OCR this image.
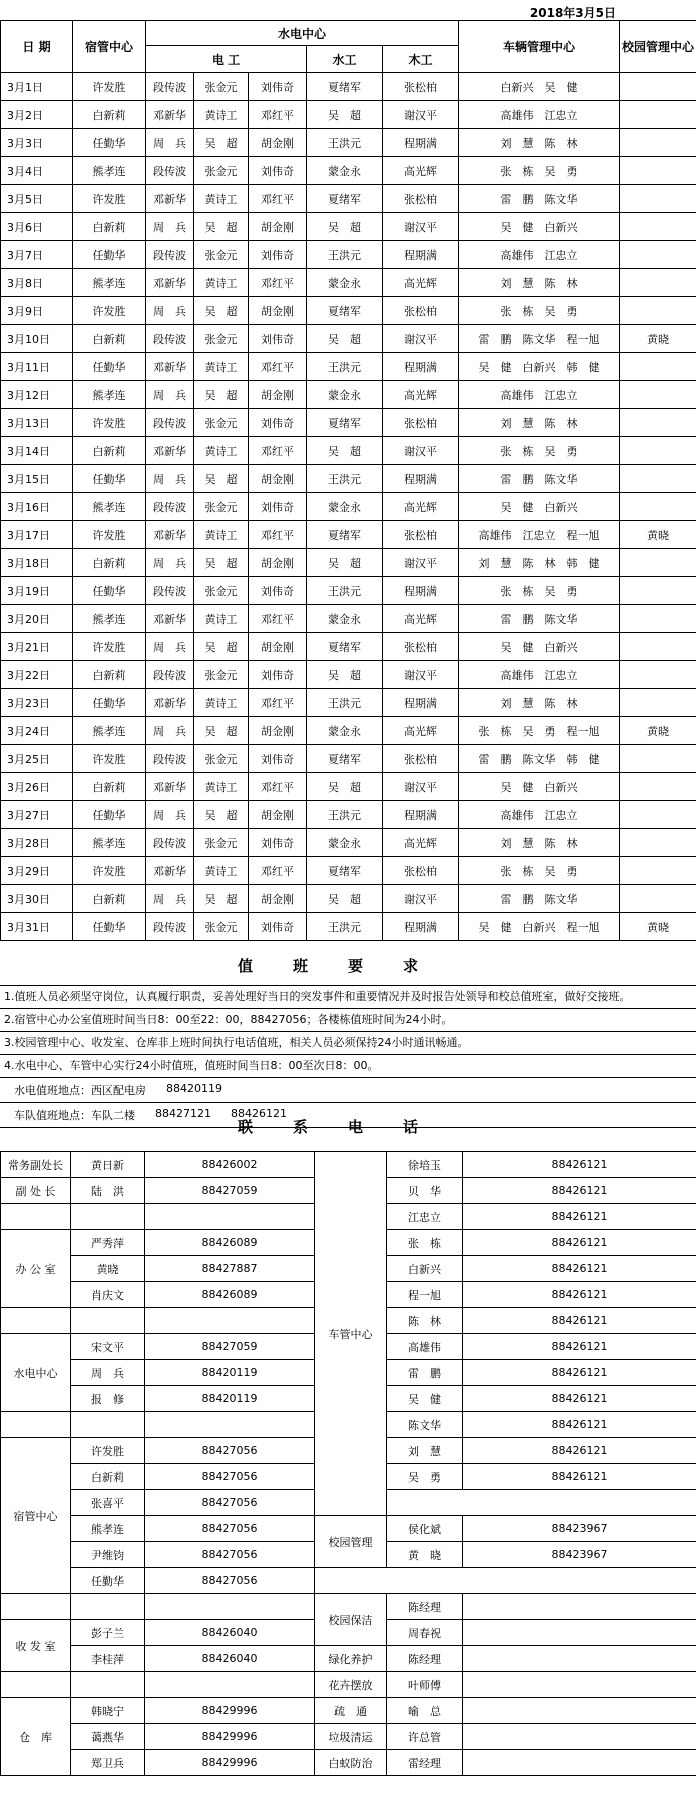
2018年3月5日
日 期	宿管中心	水电中心					车辆管理中心	校园管理中心
		电 工			水工	木工		
3月1日	许发胜	段传波	张金元	刘伟奇	夏绪军	张松柏	白新兴　吴　健	
3月2日	白新莉	邓新华	黄诗工	邓红平	吴　超	谢汉平	高雄伟　江忠立	
3月3日	任勤华	周　兵	吴　超	胡金刚	王洪元	程期满	刘　慧　陈　林	
3月4日	熊孝连	段传波	张金元	刘伟奇	蒙金永	高光辉	张　栋　吴　勇	
3月5日	许发胜	邓新华	黄诗工	邓红平	夏绪军	张松柏	雷　鹏　陈文华	
3月6日	白新莉	周　兵	吴　超	胡金刚	吴　超	谢汉平	吴　健　白新兴	
3月7日	任勤华	段传波	张金元	刘伟奇	王洪元	程期满	高雄伟　江忠立	
3月8日	熊孝连	邓新华	黄诗工	邓红平	蒙金永	高光辉	刘　慧　陈　林	
3月9日	许发胜	周　兵	吴　超	胡金刚	夏绪军	张松柏	张　栋　吴　勇	
3月10日	白新莉	段传波	张金元	刘伟奇	吴　超	谢汉平	雷　鹏　陈文华　程一旭	黄晓
3月11日	任勤华	邓新华	黄诗工	邓红平	王洪元	程期满	吴　健　白新兴　韩　健	
3月12日	熊孝连	周　兵	吴　超	胡金刚	蒙金永	高光辉	高雄伟　江忠立	
3月13日	许发胜	段传波	张金元	刘伟奇	夏绪军	张松柏	刘　慧　陈　林	
3月14日	白新莉	邓新华	黄诗工	邓红平	吴　超	谢汉平	张　栋　吴　勇	
3月15日	任勤华	周　兵	吴　超	胡金刚	王洪元	程期满	雷　鹏　陈文华	
3月16日	熊孝连	段传波	张金元	刘伟奇	蒙金永	高光辉	吴　健　白新兴	
3月17日	许发胜	邓新华	黄诗工	邓红平	夏绪军	张松柏	高雄伟　江忠立　程一旭	黄晓
3月18日	白新莉	周　兵	吴　超	胡金刚	吴　超	谢汉平	刘　慧　陈　林　韩　健	
3月19日	任勤华	段传波	张金元	刘伟奇	王洪元	程期满	张　栋　吴　勇	
3月20日	熊孝连	邓新华	黄诗工	邓红平	蒙金永	高光辉	雷　鹏　陈文华	
3月21日	许发胜	周　兵	吴　超	胡金刚	夏绪军	张松柏	吴　健　白新兴	
3月22日	白新莉	段传波	张金元	刘伟奇	吴　超	谢汉平	高雄伟　江忠立	
3月23日	任勤华	邓新华	黄诗工	邓红平	王洪元	程期满	刘　慧　陈　林	
3月24日	熊孝连	周　兵	吴　超	胡金刚	蒙金永	高光辉	张　栋　吴　勇　程一旭	黄晓
3月25日	许发胜	段传波	张金元	刘伟奇	夏绪军	张松柏	雷　鹏　陈文华　韩　健	
3月26日	白新莉	邓新华	黄诗工	邓红平	吴　超	谢汉平	吴　健　白新兴	
3月27日	任勤华	周　兵	吴　超	胡金刚	王洪元	程期满	高雄伟　江忠立	
3月28日	熊孝连	段传波	张金元	刘伟奇	蒙金永	高光辉	刘　慧　陈　林	
3月29日	许发胜	邓新华	黄诗工	邓红平	夏绪军	张松柏	张　栋　吴　勇	
3月30日	白新莉	周　兵	吴　超	胡金刚	吴　超	谢汉平	雷　鹏　陈文华	
3月31日	任勤华	段传波	张金元	刘伟奇	王洪元	程期满	吴　健　白新兴　程一旭	黄晓
值班要求
1.值班人员必须坚守岗位，认真履行职责，妥善处理好当日的突发事件和重要情况并及时报告处领导和校总值班室，做好交接班。
2.宿管中心办公室值班时间当日8：00至22：00，88427056；各楼栋值班时间为24小时。
3.校园管理中心、收发室、仓库非上班时间执行电话值班，相关人员必须保持24小时通讯畅通。
4.水电中心、车管中心实行24小时值班，值班时间当日8：00至次日8：00。
水电值班地点：西区配电房 88420119
车队值班地点：车队二楼 88427121 88426121
联系电话
常务副处长	黄日新	88426002	车管中心	徐培玉	88426121
副 处 长	陆　洪	88427059		贝　华	88426121
				江忠立	88426121
办 公 室	严秀萍	88426089		张　栋	88426121
	黄晓	88427887		白新兴	88426121
	肖庆文	88426089		程一旭	88426121
				陈　林	88426121
水电中心	宋文平	88427059		高雄伟	88426121
	周　兵	88420119		雷　鹏	88426121
	报　修	88420119		吴　健	88426121
				陈文华	88426121
宿管中心	许发胜	88427056		刘　慧	88426121
	白新莉	88427056		吴　勇	88426121
	张喜平	88427056			
	熊孝连	88427056	校园管理	侯化斌	88423967
	尹维钧	88427056		黄　晓	88423967
	任勤华	88427056			
			校园保洁	陈经理	
收 发 室	彭子兰	88426040		周春祝	
	李桂萍	88426040	绿化养护	陈经理	
			花卉摆放	叶师傅	
仓　库	韩晓宁	88429996	疏　通	喻　总	
	蔼燕华	88429996	垃圾清运	许总管	
	郑卫兵	88429996	白蚁防治	雷经理	
